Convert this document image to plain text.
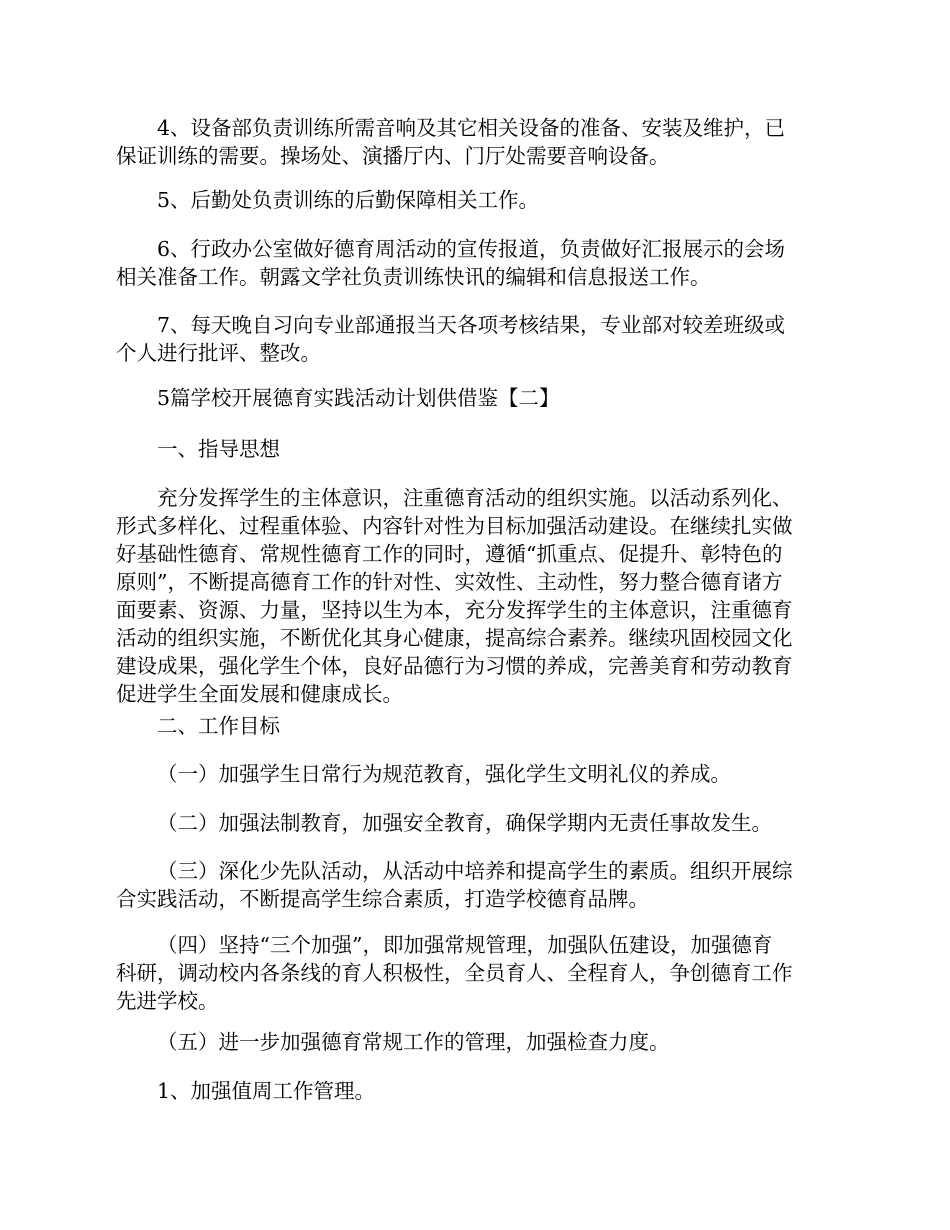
4、设备部负责训练所需音响及其它相关设备的准备、安装及维护，已
保证训练的需要。操场处、演播厅内、门厅处需要音响设备。
5、后勤处负责训练的后勤保障相关工作。
6、行政办公室做好德育周活动的宣传报道，负责做好汇报展示的会场
相关准备工作。朝露文学社负责训练快讯的编辑和信息报送工作。
7、每天晚自习向专业部通报当天各项考核结果，专业部对较差班级或
个人进行批评、整改。
5篇学校开展德育实践活动计划供借鉴【二】
一、指导思想
充分发挥学生的主体意识，注重德育活动的组织实施。以活动系列化、
形式多样化、过程重体验、内容针对性为目标加强活动建设。在继续扎实做
好基础性德育、常规性德育工作的同时，遵循“抓重点、促提升、彰特色的
原则”，不断提高德育工作的针对性、实效性、主动性，努力整合德育诸方
面要素、资源、力量，坚持以生为本，充分发挥学生的主体意识，注重德育
活动的组织实施，不断优化其身心健康，提高综合素养。继续巩固校园文化
建设成果，强化学生个体，良好品德行为习惯的养成，完善美育和劳动教育
促进学生全面发展和健康成长。
二、工作目标
（一）加强学生日常行为规范教育，强化学生文明礼仪的养成。
（二）加强法制教育，加强安全教育，确保学期内无责任事故发生。
（三）深化少先队活动，从活动中培养和提高学生的素质。组织开展综
合实践活动，不断提高学生综合素质，打造学校德育品牌。
（四）坚持“三个加强”，即加强常规管理，加强队伍建设，加强德育
科研，调动校内各条线的育人积极性，全员育人、全程育人，争创德育工作
先进学校。
（五）进一步加强德育常规工作的管理，加强检查力度。
1、加强值周工作管理。
